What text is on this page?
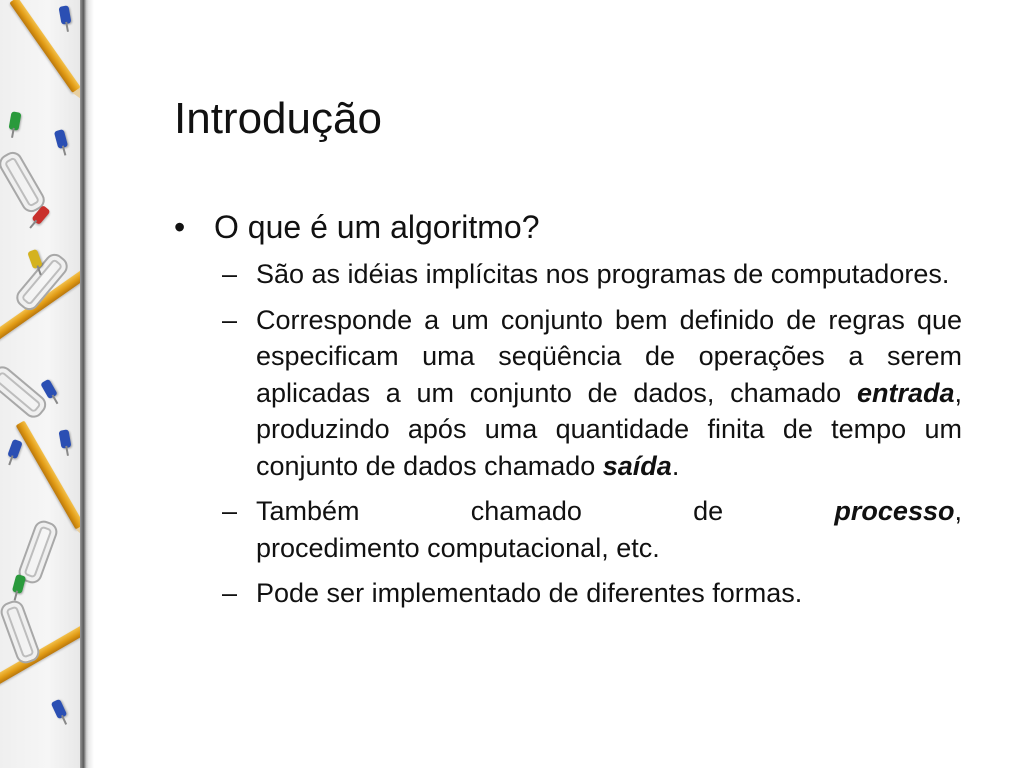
Introdução
• O que é um algoritmo?
– São as idéias implícitas nos programas de computadores.
– Corresponde a um conjunto bem definido de regras que especificam uma seqüência de operações a serem aplicadas a um conjunto de dados, chamado entrada, produzindo após uma quantidade finita de tempo um conjunto de dados chamado saída.
– Também chamado de processo,
procedimento computacional, etc.
– Pode ser implementado de diferentes formas.
